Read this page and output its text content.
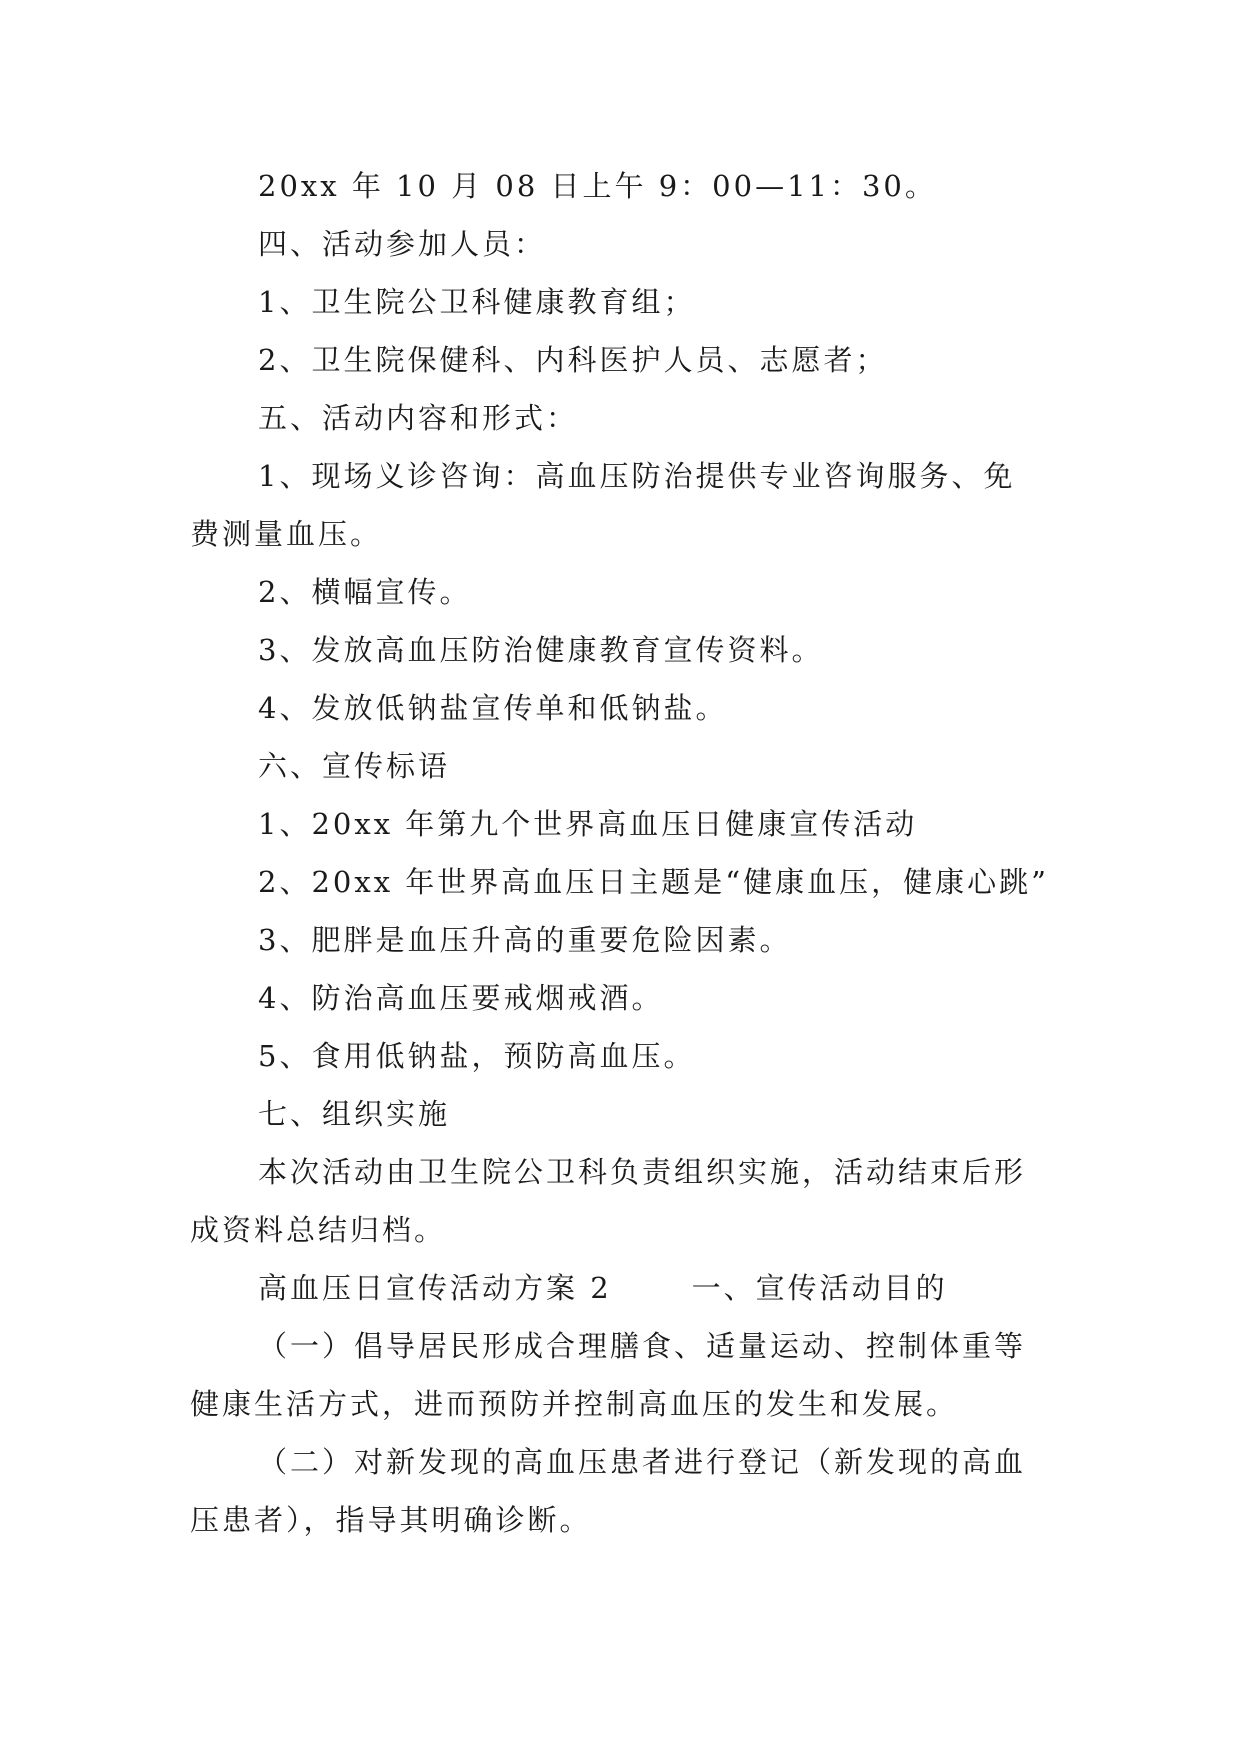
20xx 年 10 月 08 日上午 9：00—11：30。
四、活动参加人员：
1、卫生院公卫科健康教育组；
2、卫生院保健科、内科医护人员、志愿者；
五、活动内容和形式：
1、现场义诊咨询：高血压防治提供专业咨询服务、免
费测量血压。
2、横幅宣传。
3、发放高血压防治健康教育宣传资料。
4、发放低钠盐宣传单和低钠盐。
六、宣传标语
1、20xx 年第九个世界高血压日健康宣传活动
2、20xx 年世界高血压日主题是“健康血压，健康心跳”
3、肥胖是血压升高的重要危险因素。
4、防治高血压要戒烟戒酒。
5、食用低钠盐，预防高血压。
七、组织实施
本次活动由卫生院公卫科负责组织实施，活动结束后形
成资料总结归档。
高血压日宣传活动方案 2	一、宣传活动目的
（一）倡导居民形成合理膳食、适量运动、控制体重等
健康生活方式，进而预防并控制高血压的发生和发展。
（二）对新发现的高血压患者进行登记（新发现的高血
压患者），指导其明确诊断。
